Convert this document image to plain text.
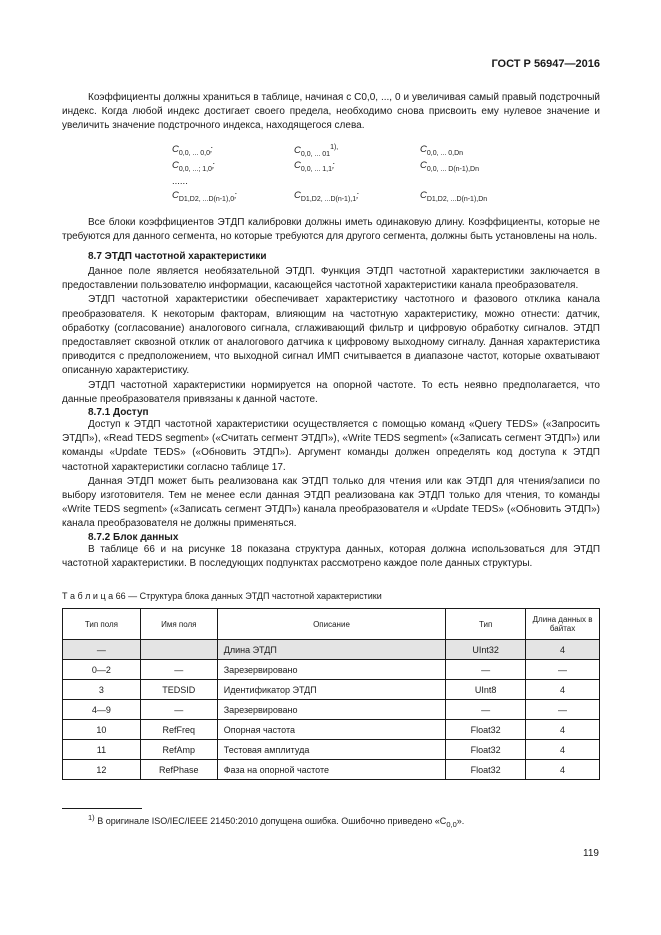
ГОСТ Р 56947—2016

Коэффициенты должны храниться в таблице, начиная с C0,0, ..., 0 и увеличивая самый правый подстрочный индекс. Когда любой индекс достигает своего предела, необходимо снова присвоить ему нулевое значение и увеличить значение подстрочного индекса, находящегося слева.

$C_{0,0, ... 0,0}$;	$C_{0,0, ... 01}^{1),}$	$C_{0,0, ... 0,Dn}$
$C_{0,0, ...; 1,0}$;	$C_{0,0, ... 1,1}$;	$C_{0,0, ... D(n-1),Dn}$
......
$C_{D1,D2, ...D(n-1),0}$;	$C_{D1,D2, ...D(n-1),1}$;	$C_{D1,D2, ...D(n-1),Dn}$

Все блоки коэффициентов ЭТДП калибровки должны иметь одинаковую длину. Коэффициенты, которые не требуются для данного сегмента, но которые требуются для другого сегмента, должны быть установлены на ноль.

8.7 ЭТДП частотной характеристики

Данное поле является необязательной ЭТДП. Функция ЭТДП частотной характеристики заключается в предоставлении пользователю информации, касающейся частотной характеристики канала преобразователя.

ЭТДП частотной характеристики обеспечивает характеристику частотного и фазового отклика канала преобразователя. К некоторым факторам, влияющим на частотную характеристику, можно отнести: датчик, обработку (согласование) аналогового сигнала, сглаживающий фильтр и цифровую обработку сигналов. ЭТДП предоставляет сквозной отклик от аналогового датчика к цифровому выходному сигналу. Данная характеристика приводится с предположением, что выходной сигнал ИМП считывается в диапазоне частот, которые охватывают описанную характеристику.

ЭТДП частотной характеристики нормируется на опорной частоте. То есть неявно предполагается, что данные преобразователя привязаны к данной частоте.

8.7.1 Доступ

Доступ к ЭТДП частотной характеристики осуществляется с помощью команд «Query TEDS» («Запросить ЭТДП»), «Read TEDS segment» («Считать сегмент ЭТДП»), «Write TEDS segment» («Записать сегмент ЭТДП») или команды «Update TEDS» («Обновить ЭТДП»). Аргумент команды должен определять код доступа к ЭТДП частотной характеристики согласно таблице 17.

Данная ЭТДП может быть реализована как ЭТДП только для чтения или как ЭТДП для чтения/записи по выбору изготовителя. Тем не менее если данная ЭТДП реализована как ЭТДП только для чтения, то команды «Write TEDS segment» («Записать сегмент ЭТДП») канала преобразователя и «Update TEDS» («Обновить ЭТДП») канала преобразователя не должны применяться.

8.7.2 Блок данных

В таблице 66 и на рисунке 18 показана структура данных, которая должна использоваться для ЭТДП частотной характеристики. В последующих подпунктах рассмотрено каждое поле данных структуры.

Т а б л и ц а 66 — Структура блока данных ЭТДП частотной характеристики
Тип поля	Имя поля	Описание	Тип	Длина данных в байтах
—		Длина ЭТДП	UInt32	4
0—2	—	Зарезервировано	—	—
3	TEDSID	Идентификатор ЭТДП	UInt8	4
4—9	—	Зарезервировано	—	—
10	RefFreq	Опорная частота	Float32	4
11	RefAmp	Тестовая амплитуда	Float32	4
12	RefPhase	Фаза на опорной частоте	Float32	4
$^{1)}$ В оригинале ISO/IEC/IEEE 21450:2010 допущена ошибка. Ошибочно приведено «$C_{0,0}$».
119
